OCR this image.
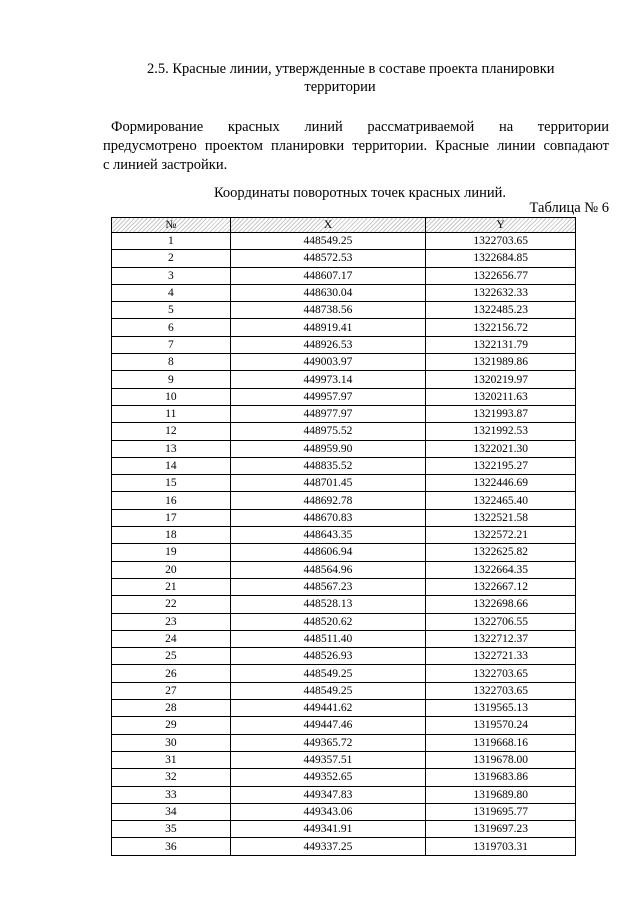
2.5. Красные линии, утвержденные в составе проекта планировки
территории
Формирование красных линий рассматриваемой на территории
предусмотрено проектом планировки территории. Красные линии совпадают
с линией застройки.
Координаты поворотных точек красных линий.
Таблица № 6
№	X	Y
1	448549.25	1322703.65
2	448572.53	1322684.85
3	448607.17	1322656.77
4	448630.04	1322632.33
5	448738.56	1322485.23
6	448919.41	1322156.72
7	448926.53	1322131.79
8	449003.97	1321989.86
9	449973.14	1320219.97
10	449957.97	1320211.63
11	448977.97	1321993.87
12	448975.52	1321992.53
13	448959.90	1322021.30
14	448835.52	1322195.27
15	448701.45	1322446.69
16	448692.78	1322465.40
17	448670.83	1322521.58
18	448643.35	1322572.21
19	448606.94	1322625.82
20	448564.96	1322664.35
21	448567.23	1322667.12
22	448528.13	1322698.66
23	448520.62	1322706.55
24	448511.40	1322712.37
25	448526.93	1322721.33
26	448549.25	1322703.65
27	448549.25	1322703.65
28	449441.62	1319565.13
29	449447.46	1319570.24
30	449365.72	1319668.16
31	449357.51	1319678.00
32	449352.65	1319683.86
33	449347.83	1319689.80
34	449343.06	1319695.77
35	449341.91	1319697.23
36	449337.25	1319703.31
